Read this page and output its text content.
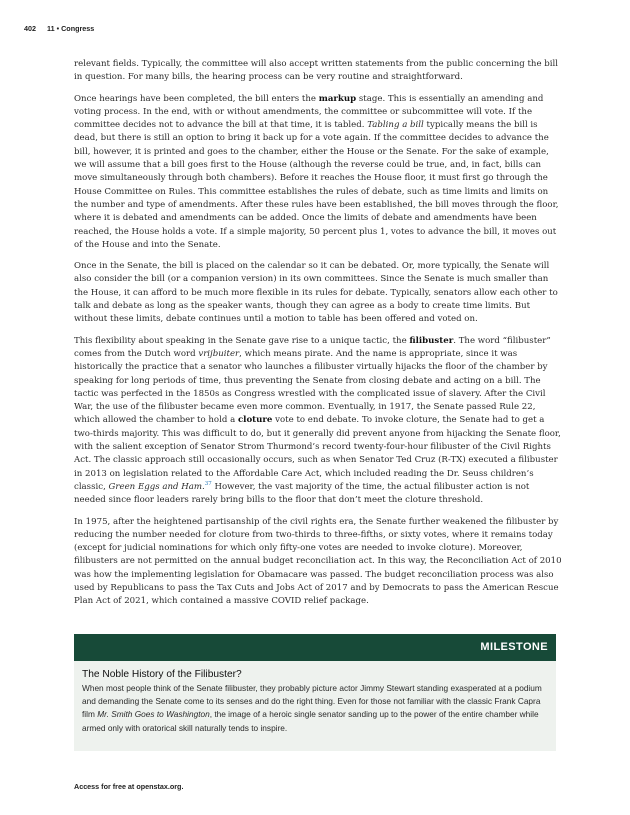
402 11 • Congress

relevant fields. Typically, the committee will also accept written statements from the public concerning the bill in question. For many bills, the hearing process can be very routine and straightforward.

Once hearings have been completed, the bill enters the markup stage. This is essentially an amending and voting process. In the end, with or without amendments, the committee or subcommittee will vote. If the committee decides not to advance the bill at that time, it is tabled. Tabling a bill typically means the bill is dead, but there is still an option to bring it back up for a vote again. If the committee decides to advance the bill, however, it is printed and goes to the chamber, either the House or the Senate. For the sake of example, we will assume that a bill goes first to the House (although the reverse could be true, and, in fact, bills can move simultaneously through both chambers). Before it reaches the House floor, it must first go through the House Committee on Rules. This committee establishes the rules of debate, such as time limits and limits on the number and type of amendments. After these rules have been established, the bill moves through the floor, where it is debated and amendments can be added. Once the limits of debate and amendments have been reached, the House holds a vote. If a simple majority, 50 percent plus 1, votes to advance the bill, it moves out of the House and into the Senate.

Once in the Senate, the bill is placed on the calendar so it can be debated. Or, more typically, the Senate will also consider the bill (or a companion version) in its own committees. Since the Senate is much smaller than the House, it can afford to be much more flexible in its rules for debate. Typically, senators allow each other to talk and debate as long as the speaker wants, though they can agree as a body to create time limits. But without these limits, debate continues until a motion to table has been offered and voted on.

This flexibility about speaking in the Senate gave rise to a unique tactic, the filibuster. The word “filibuster” comes from the Dutch word vrijbuiter, which means pirate. And the name is appropriate, since it was historically the practice that a senator who launches a filibuster virtually hijacks the floor of the chamber by speaking for long periods of time, thus preventing the Senate from closing debate and acting on a bill. The tactic was perfected in the 1850s as Congress wrestled with the complicated issue of slavery. After the Civil War, the use of the filibuster became even more common. Eventually, in 1917, the Senate passed Rule 22, which allowed the chamber to hold a cloture vote to end debate. To invoke cloture, the Senate had to get a two-thirds majority. This was difficult to do, but it generally did prevent anyone from hijacking the Senate floor, with the salient exception of Senator Strom Thurmond’s record twenty-four-hour filibuster of the Civil Rights Act. The classic approach still occasionally occurs, such as when Senator Ted Cruz (R-TX) executed a filibuster in 2013 on legislation related to the Affordable Care Act, which included reading the Dr. Seuss children’s classic, Green Eggs and Ham.$^{37}$ However, the vast majority of the time, the actual filibuster action is not needed since floor leaders rarely bring bills to the floor that don’t meet the cloture threshold.

In 1975, after the heightened partisanship of the civil rights era, the Senate further weakened the filibuster by reducing the number needed for cloture from two-thirds to three-fifths, or sixty votes, where it remains today (except for judicial nominations for which only fifty-one votes are needed to invoke cloture). Moreover, filibusters are not permitted on the annual budget reconciliation act. In this way, the Reconciliation Act of 2010 was how the implementing legislation for Obamacare was passed. The budget reconciliation process was also used by Republicans to pass the Tax Cuts and Jobs Act of 2017 and by Democrats to pass the American Rescue Plan Act of 2021, which contained a massive COVID relief package.

MILESTONE
The Noble History of the Filibuster?

When most people think of the Senate filibuster, they probably picture actor Jimmy Stewart standing exasperated at a podium and demanding the Senate come to its senses and do the right thing. Even for those not familiar with the classic Frank Capra film Mr. Smith Goes to Washington, the image of a heroic single senator sanding up to the power of the entire chamber while armed only with oratorical skill naturally tends to inspire.

Access for free at openstax.org.
